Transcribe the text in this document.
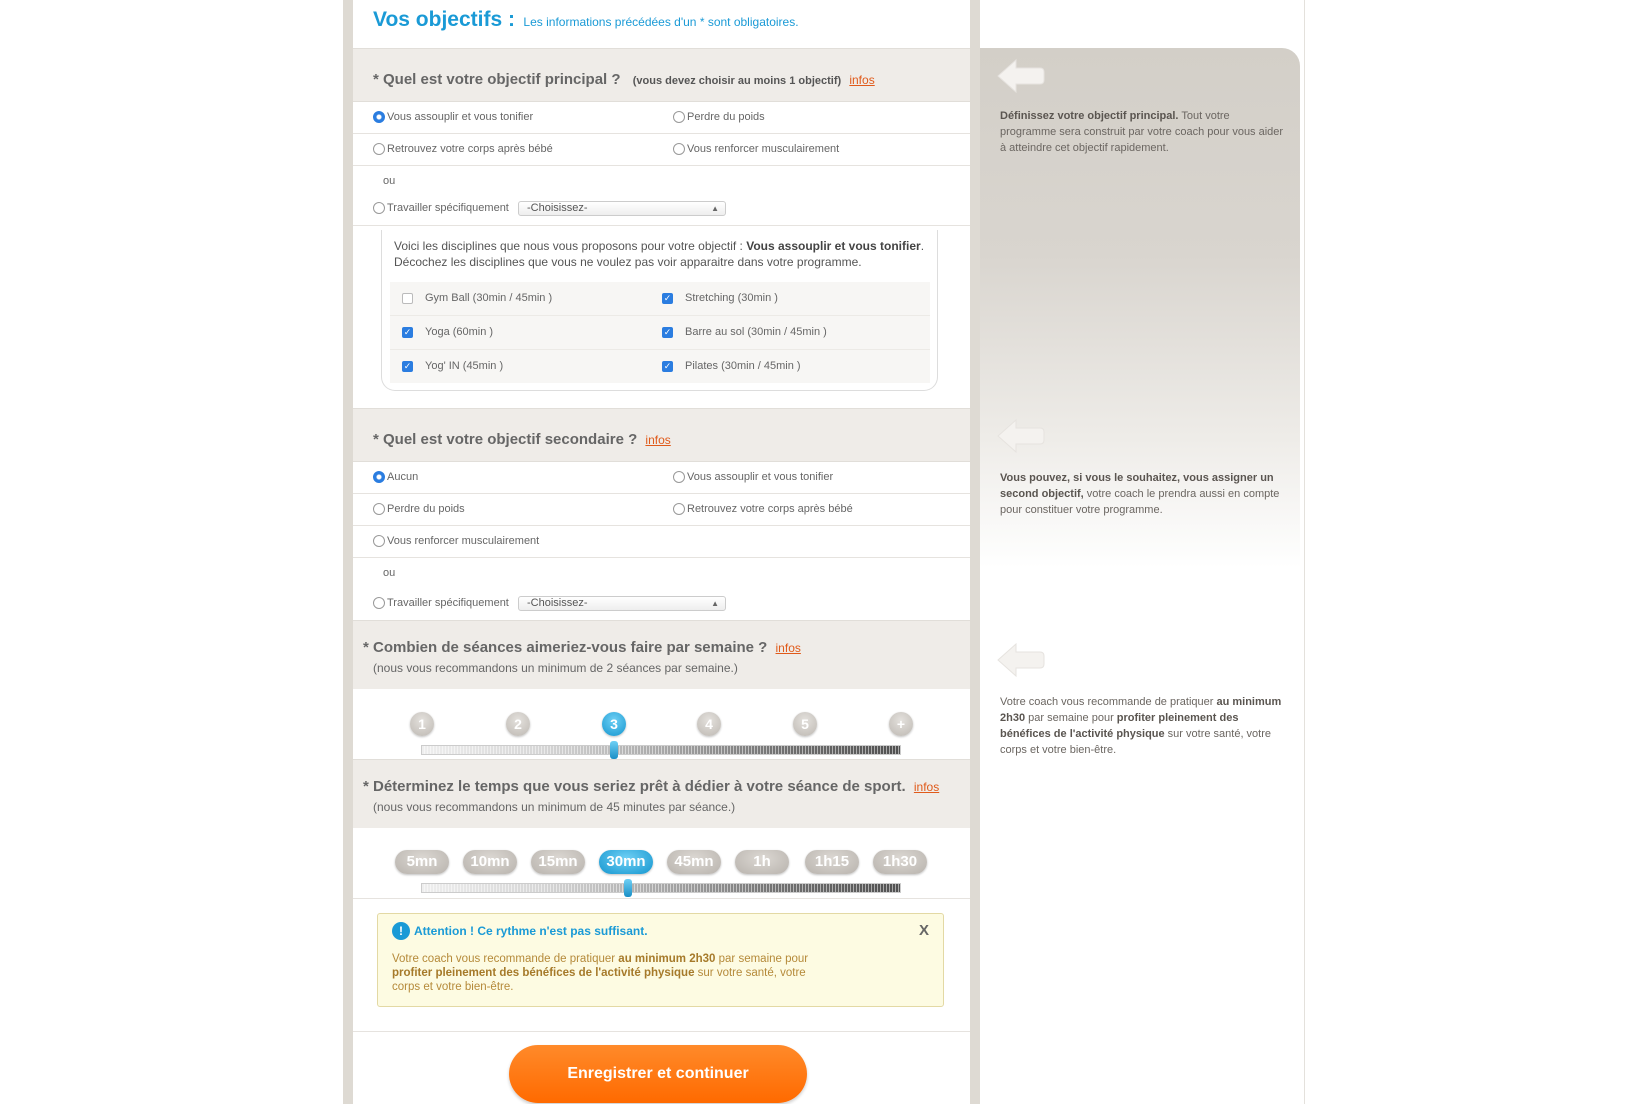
Vos objectifs : Les informations précédées d'un * sont obligatoires.
* Quel est votre objectif principal ? (vous devez choisir au moins 1 objectif) infos
Vous assouplir et vous tonifier	Perdre du poids
Retrouvez votre corps après bébé	Vous renforcer musculairement
ou
Travailler spécifiquement	-Choisissez-	▲

Voici les disciplines que nous vous proposons pour votre objectif : Vous assouplir et vous tonifier.
Décochez les disciplines que vous ne voulez pas voir apparaitre dans votre programme.
Gym Ball (30min / 45min )	✓ Stretching (30min )
✓ Yoga (60min )	✓ Barre au sol (30min / 45min )
✓ Yog' IN (45min )	✓ Pilates (30min / 45min )
* Quel est votre objectif secondaire ? infos
Aucun	Vous assouplir et vous tonifier
Perdre du poids	Retrouvez votre corps après bébé
Vous renforcer musculairement
ou
Travailler spécifiquement	-Choisissez-	▲

* Combien de séances aimeriez-vous faire par semaine ? infos
(nous vous recommandons un minimum de 2 séances par semaine.)
1	2	3	4	5	+
* Déterminez le temps que vous seriez prêt à dédier à votre séance de sport. infos
(nous vous recommandons un minimum de 45 minutes par séance.)
5mn	10mn	15mn	30mn	45mn	1h	1h15	1h30
! Attention ! Ce rythme n'est pas suffisant.	X
Votre coach vous recommande de pratiquer au minimum 2h30 par semaine pour profiter pleinement des bénéfices de l'activité physique sur votre santé, votre corps et votre bien-être.
Enregistrer et continuer
Définissez votre objectif principal. Tout votre programme sera construit par votre coach pour vous aider à atteindre cet objectif rapidement.
Vous pouvez, si vous le souhaitez, vous assigner un second objectif, votre coach le prendra aussi en compte pour constituer votre programme.
Votre coach vous recommande de pratiquer au minimum 2h30 par semaine pour profiter pleinement des bénéfices de l'activité physique sur votre santé, votre corps et votre bien-être.
